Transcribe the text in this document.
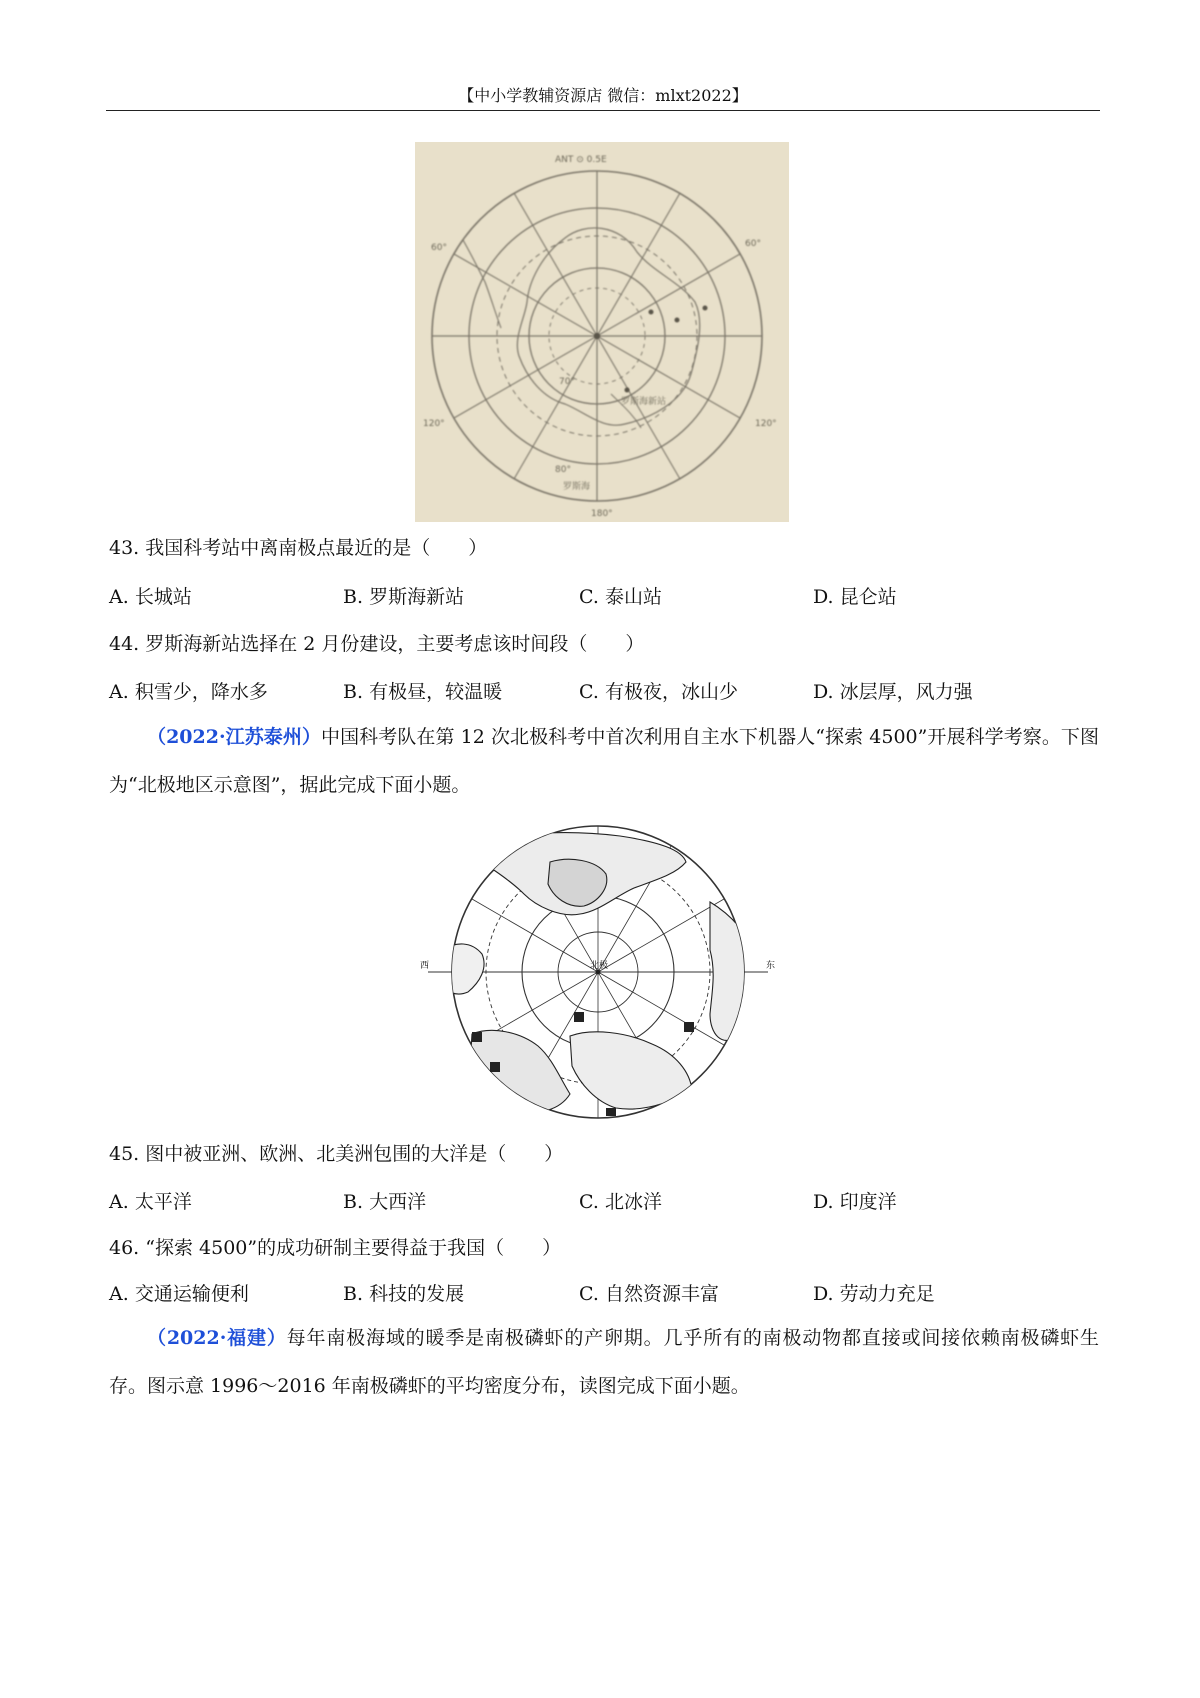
【中小学教辅资源店 微信：mlxt2022】
ANT ⊙ 0.5E
60°	60°
120°	120°
180°
70°
80°
罗斯海
罗斯海新站
43. 我国科考站中离南极点最近的是（　　）
A. 长城站	B. 罗斯海新站	C. 泰山站	D. 昆仑站
44. 罗斯海新站选择在 2 月份建设，主要考虑该时间段（　　）
A. 积雪少，降水多	B. 有极昼，较温暖	C. 有极夜，冰山少	D. 冰层厚，风力强
（2022·江苏泰州）中国科考队在第 12 次北极科考中首次利用自主水下机器人“探索 4500”开展科学考察。下图为“北极地区示意图”，据此完成下面小题。
北极
西	东
45. 图中被亚洲、欧洲、北美洲包围的大洋是（　　）
A. 太平洋	B. 大西洋	C. 北冰洋	D. 印度洋
46. “探索 4500”的成功研制主要得益于我国（　　）
A. 交通运输便利	B. 科技的发展	C. 自然资源丰富	D. 劳动力充足
（2022·福建）每年南极海域的暖季是南极磷虾的产卵期。几乎所有的南极动物都直接或间接依赖南极磷虾生存。图示意 1996～2016 年南极磷虾的平均密度分布，读图完成下面小题。
